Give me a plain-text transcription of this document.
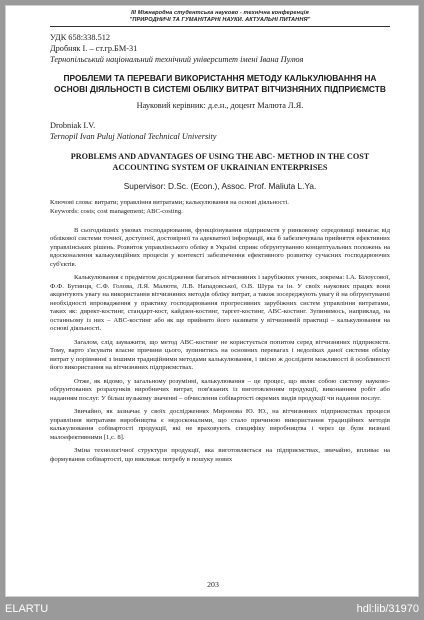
III Міжнародна студентська науково - технічна конференція
"ПРИРОДНИЧІ ТА ГУМАНІТАРНІ НАУКИ. АКТУАЛЬНІ ПИТАННЯ"
УДК 658:338.512
Дробняк І. – ст.гр.БМ-31
Тернопільський національний технічний університет імені Івана Пулюя
ПРОБЛЕМИ ТА ПЕРЕВАГИ ВИКОРИСТАННЯ МЕТОДУ КАЛЬКУЛЮВАННЯ НА ОСНОВІ ДІЯЛЬНОСТІ В СИСТЕМІ ОБЛІКУ ВИТРАТ ВІТЧИЗНЯНИХ ПІДПРИЄМСТВ
Науковий керівник: д.е.н., доцент Малюта Л.Я.
Drobniak I.V.
Ternopil Ivan Puluj National Technical University
PROBLEMS AND ADVANTAGES OF USING THE ABC- METHOD IN THE COST ACCOUNTING SYSTEM OF UKRAINIAN ENTERPRISES
Supervisor: D.Sc. (Econ.), Assoc. Prof. Maliuta L.Ya.
Ключові слова: витрати; управління витратами; калькулювання на основі діяльності.
Keywords: costs; cost management; ABC-costing.

В сьогоднішніх умовах господарювання, функціонування підприємств у ринковому середовищі вимагає від облікової системи точної, доступної, достовірної та адекватної інформації, яка б забезпечувала прийняття ефективних управлінських рішень. Розвиток управлінського обліку в Україні сприяє обґрунтуванню концептуальних положень на вдосконалення калькуляційних процесів у контексті забезпечення ефективного розвитку сучасних господарюючих суб'єктів.

Калькулювання є предметом дослідження багатьох вітчизняних і зарубіжних учених, зокрема: І.А. Білоусової, Ф.Ф. Бутинця, С.Ф. Голова, Л.Я. Малюти, Л.В. Нападовської, О.В. Шура та ін. У своїх наукових працях вони акцентують увагу на використання вітчизняних методів обліку витрат, а також зосереджують увагу й на обґрунтуванні необхідності впровадження у практику господарювання прогресивних зарубіжних систем управління витратами, таких як: директ-костинг, стандарт-кост, кайдзен-костинг, таргет-костинг, АВС-костинг. Зупинимось, наприклад, на останньому із них – АВС-костинг або як ще прийнято його називати у вітчизняній практиці – калькулювання на основі діяльності.

Загалом, слід зауважити, що метод АВС-костинг не користується попитом серед вітчизняних підприємств. Тому, варто з'ясувати власне причини цього, зупинитись на основних перевагах і недоліках даної системи обліку витрат у порівнянні з іншими традиційними методами калькулювання, і звісно ж дослідити можливості й особливості його використання на вітчизняних підприємствах.

Отже, як відомо, у загальному розумінні, калькулювання – це процес, що являє собою систему науково-обґрунтованих розрахунків виробничих витрат, пов'язаних із виготовленням продукції, виконанням робіт або наданням послуг. У більш вузькому значенні – обчислення собівартості окремих видів продукції чи надання послуг.

Звичайно, як зазначає у своїх дослідженнях Миронова Ю. Ю., на вітчизняних підприємствах процеси управління витратами виробництва є недосконалими, що стало причиною використання традиційних методів калькулювання собівартості продукції, які не враховують специфіку виробництва і через це були визнані малоефективними [1,с. 8].

Зміна технологічної структури продукції, яка виготовляється на підприємствах, звичайно, впливає на формування собівартості, що викликає потребу в пошуку нових

203
ELARTU	hdl:lib/31970
